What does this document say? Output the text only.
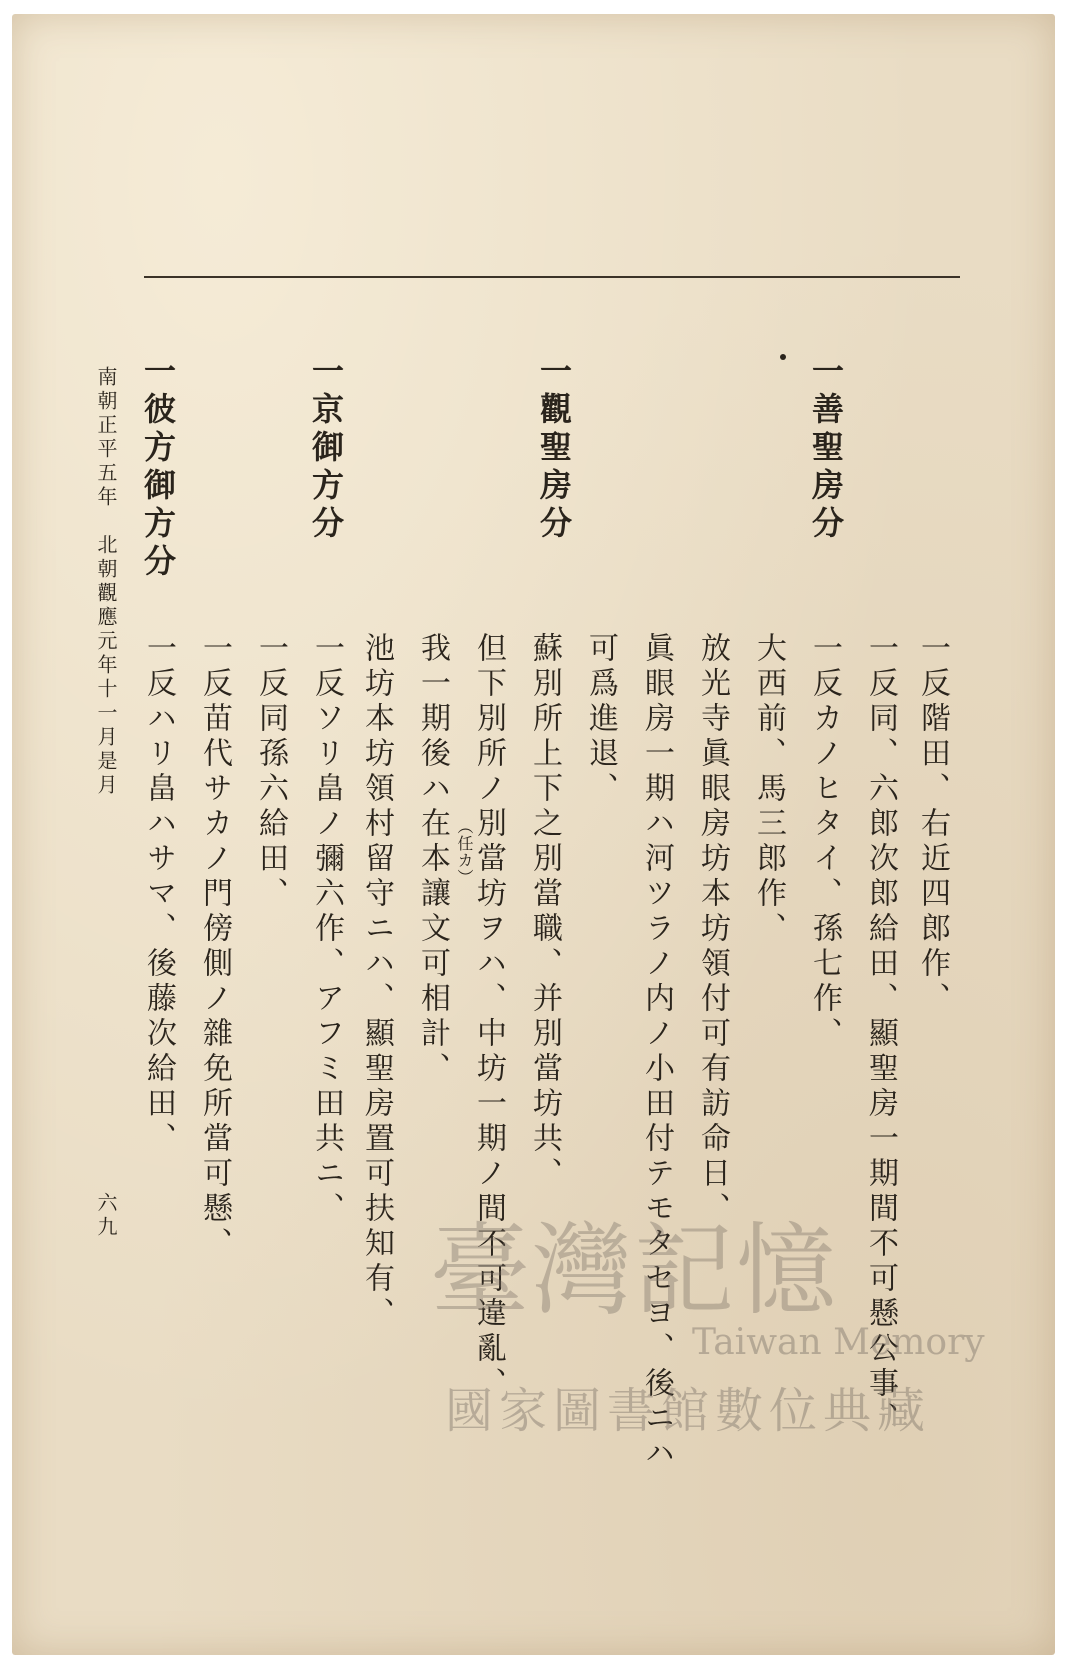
一善聖房分
一觀聖房分
一京御方分
一彼方御方分
一反階田、右近四郎作、
一反同、六郎次郎給田、顯聖房一期間不可懸公事、
一反カノヒタイ、孫七作、
大西前、馬三郎作、
放光寺眞眼房坊本坊領付可有訪命日、
眞眼房一期ハ河ツラノ内ノ小田付テモタセヨ、後ニハ
可爲進退、
蘇別所上下之別當職、并別當坊共、
但下別所ノ別當坊ヲハ、中坊一期ノ間不可違亂、
（任カ）
我一期後ハ在本讓文可相計、
池坊本坊領村留守ニハ、顯聖房置可扶知有、
一反ソリ畠ノ彌六作、アフミ田共ニ、
一反同孫六給田、
一反苗代サカノ門傍側ノ雜免所當可懸、
一反ハリ畠ハサマ、後藤次給田、
南朝正平五年　北朝觀應元年十一月是月
六九	臺灣記憶
Taiwan Memory
國家圖書館數位典藏
